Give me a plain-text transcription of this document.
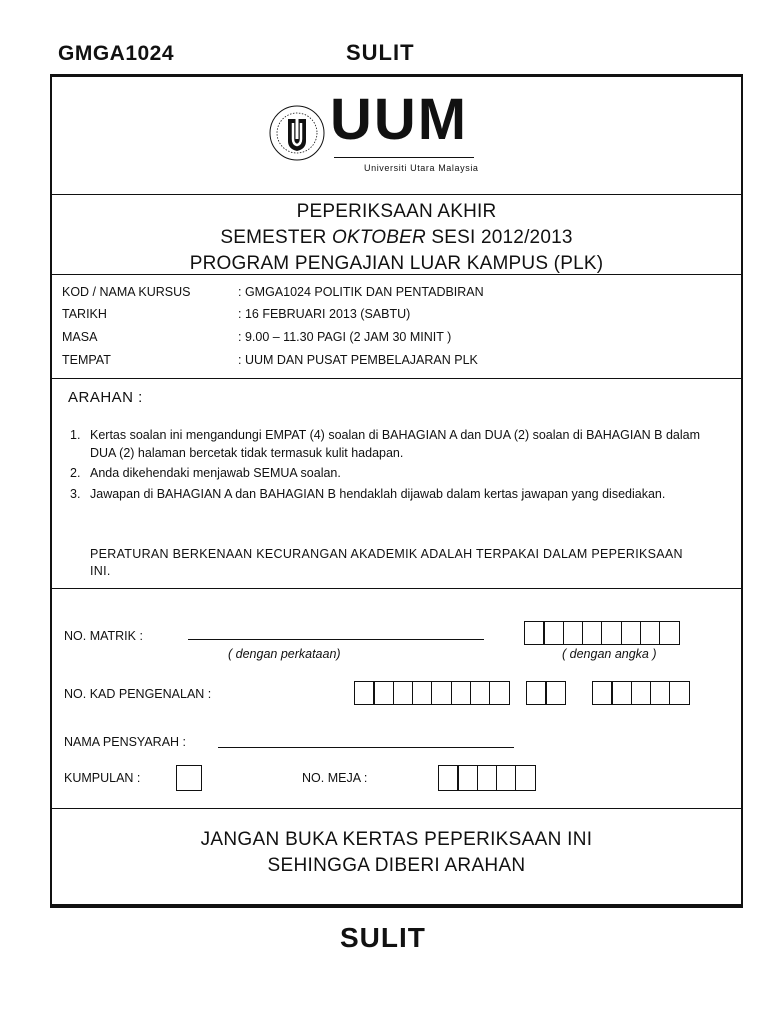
GMGA1024	SULIT
UUM
Universiti Utara Malaysia
PEPERIKSAAN AKHIR
SEMESTER OKTOBER SESI 2012/2013
PROGRAM PENGAJIAN LUAR KAMPUS (PLK)
KOD / NAMA KURSUS	: GMGA1024 POLITIK DAN PENTADBIRAN
TARIKH	: 16 FEBRUARI 2013 (SABTU)
MASA	: 9.00 – 11.30 PAGI (2 JAM 30 MINIT )
TEMPAT	: UUM DAN PUSAT PEMBELAJARAN PLK
ARAHAN :
1. Kertas soalan ini mengandungi EMPAT (4) soalan di BAHAGIAN A dan DUA (2) soalan di BAHAGIAN B dalam DUA (2) halaman bercetak tidak termasuk kulit hadapan.
2. Anda dikehendaki menjawab SEMUA soalan.
3. Jawapan di BAHAGIAN A dan BAHAGIAN B hendaklah dijawab dalam kertas jawapan yang disediakan.
PERATURAN BERKENAAN KECURANGAN AKADEMIK ADALAH TERPAKAI DALAM PEPERIKSAAN INI.
NO. MATRIK :
( dengan perkataan)	( dengan angka )
NO. KAD PENGENALAN :
NAMA PENSYARAH :
KUMPULAN :	NO. MEJA :
JANGAN BUKA KERTAS PEPERIKSAAN INI
SEHINGGA DIBERI ARAHAN
SULIT
